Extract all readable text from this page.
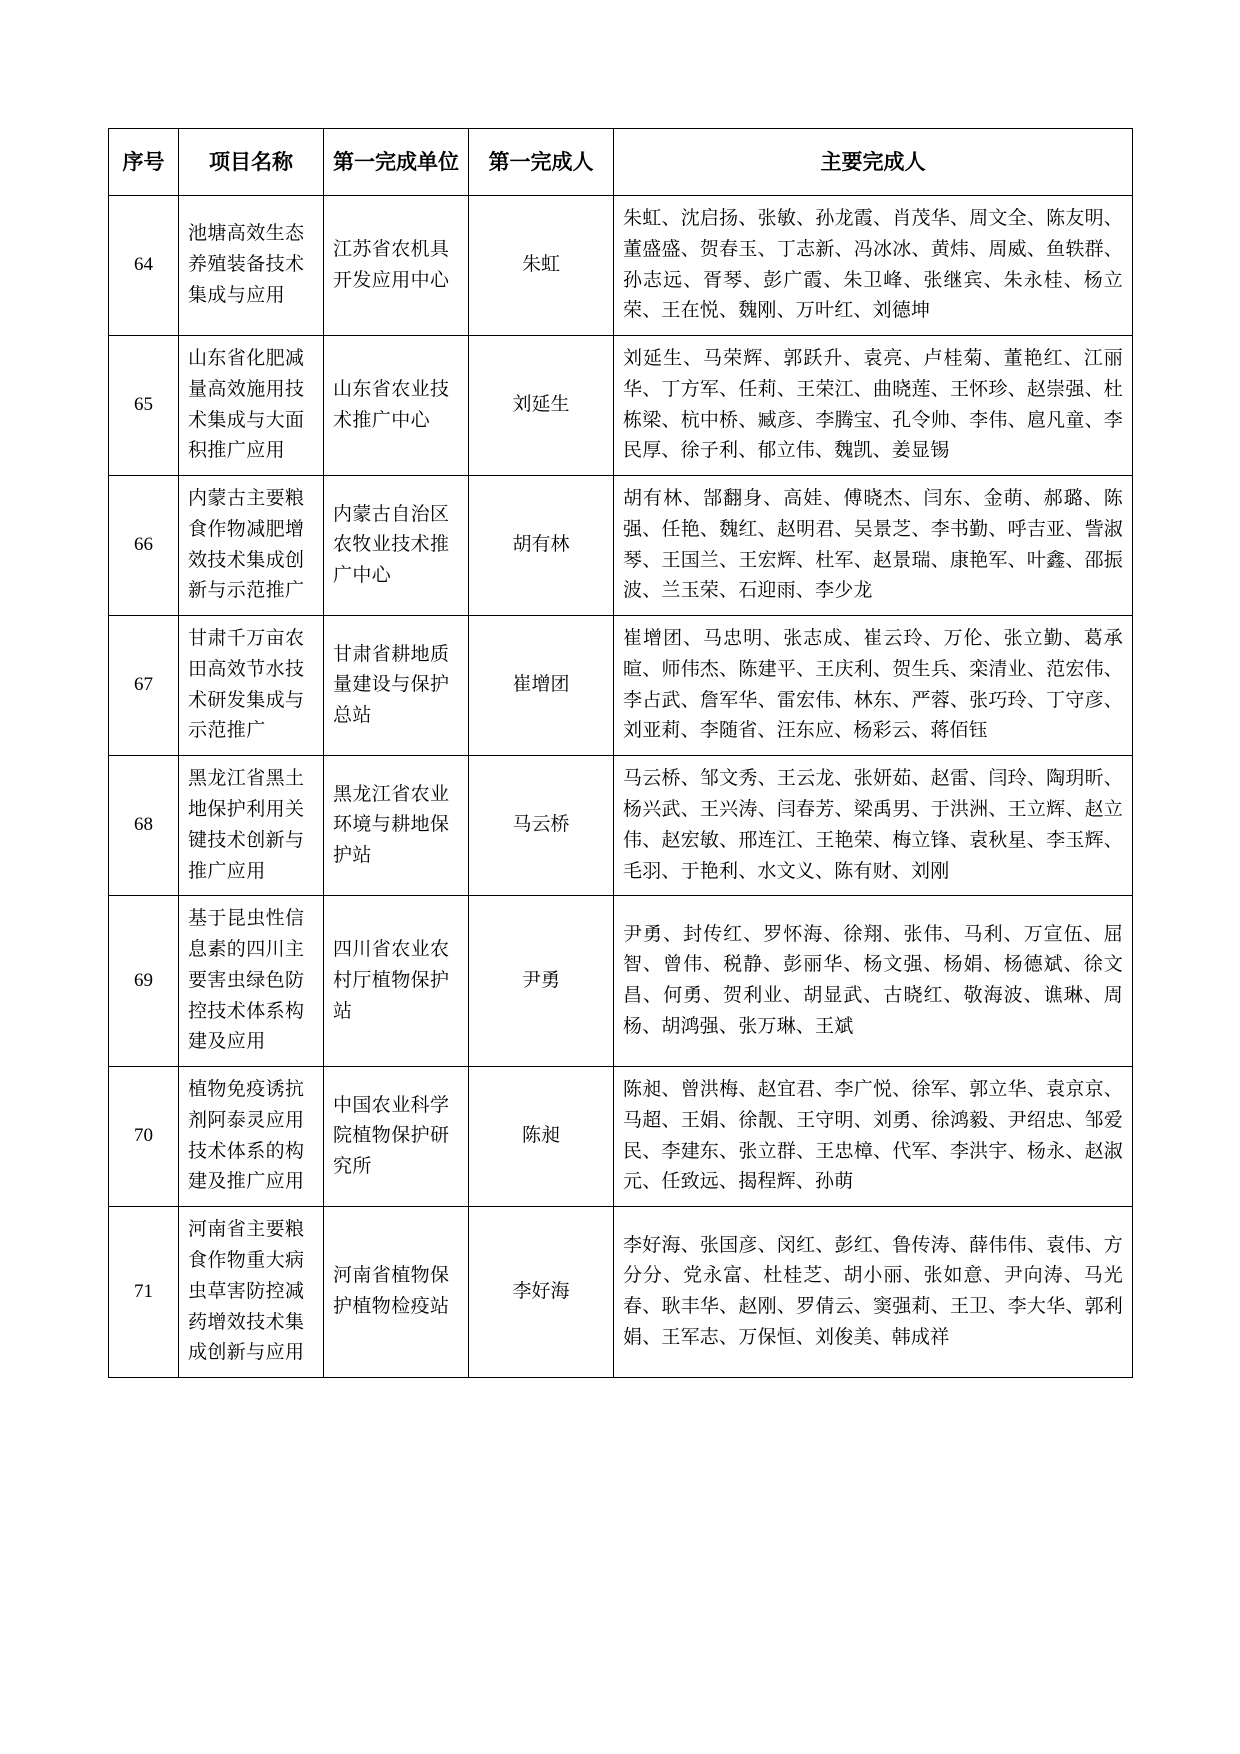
序号	项目名称	第一完成单位	第一完成人	主要完成人
64	池塘高效生态养殖装备技术集成与应用	江苏省农机具开发应用中心	朱虹	朱虹、沈启扬、张敏、孙龙霞、肖茂华、周文全、陈友明、董盛盛、贺春玉、丁志新、冯冰冰、黄炜、周威、鱼轶群、孙志远、胥琴、彭广霞、朱卫峰、张继宾、朱永桂、杨立荣、王在悦、魏刚、万叶红、刘德坤
65	山东省化肥减量高效施用技术集成与大面积推广应用	山东省农业技术推广中心	刘延生	刘延生、马荣辉、郭跃升、袁亮、卢桂菊、董艳红、江丽华、丁方军、任莉、王荣江、曲晓莲、王怀珍、赵崇强、杜栋梁、杭中桥、臧彦、李腾宝、孔令帅、李伟、扈凡童、李民厚、徐子利、郁立伟、魏凯、姜显锡
66	内蒙古主要粮食作物减肥增效技术集成创新与示范推广	内蒙古自治区农牧业技术推广中心	胡有林	胡有林、郜翻身、高娃、傅晓杰、闫东、金萌、郝璐、陈强、任艳、魏红、赵明君、吴景芝、李书勤、呼吉亚、訾淑琴、王国兰、王宏辉、杜军、赵景瑞、康艳军、叶鑫、邵振波、兰玉荣、石迎雨、李少龙
67	甘肃千万亩农田高效节水技术研发集成与示范推广	甘肃省耕地质量建设与保护总站	崔增团	崔增团、马忠明、张志成、崔云玲、万伦、张立勤、葛承暄、师伟杰、陈建平、王庆利、贺生兵、栾清业、范宏伟、李占武、詹军华、雷宏伟、林东、严蓉、张巧玲、丁守彦、刘亚莉、李随省、汪东应、杨彩云、蒋佰钰
68	黑龙江省黑土地保护利用关键技术创新与推广应用	黑龙江省农业环境与耕地保护站	马云桥	马云桥、邹文秀、王云龙、张妍茹、赵雷、闫玲、陶玥昕、杨兴武、王兴涛、闫春芳、梁禹男、于洪洲、王立辉、赵立伟、赵宏敏、邢连江、王艳荣、梅立锋、袁秋星、李玉辉、毛羽、于艳利、水文义、陈有财、刘刚
69	基于昆虫性信息素的四川主要害虫绿色防控技术体系构建及应用	四川省农业农村厅植物保护站	尹勇	尹勇、封传红、罗怀海、徐翔、张伟、马利、万宣伍、屈智、曾伟、税静、彭丽华、杨文强、杨娟、杨德斌、徐文昌、何勇、贺利业、胡显武、古晓红、敬海波、谯琳、周杨、胡鸿强、张万琳、王斌
70	植物免疫诱抗剂阿泰灵应用技术体系的构建及推广应用	中国农业科学院植物保护研究所	陈昶	陈昶、曾洪梅、赵宜君、李广悦、徐军、郭立华、袁京京、马超、王娟、徐靓、王守明、刘勇、徐鸿毅、尹绍忠、邹爱民、李建东、张立群、王忠樟、代军、李洪宇、杨永、赵淑元、任致远、揭程辉、孙萌
71	河南省主要粮食作物重大病虫草害防控减药增效技术集成创新与应用	河南省植物保护植物检疫站	李好海	李好海、张国彦、闵红、彭红、鲁传涛、薛伟伟、袁伟、方分分、党永富、杜桂芝、胡小丽、张如意、尹向涛、马光春、耿丰华、赵刚、罗倩云、窦强莉、王卫、李大华、郭利娟、王军志、万保恒、刘俊美、韩成祥
